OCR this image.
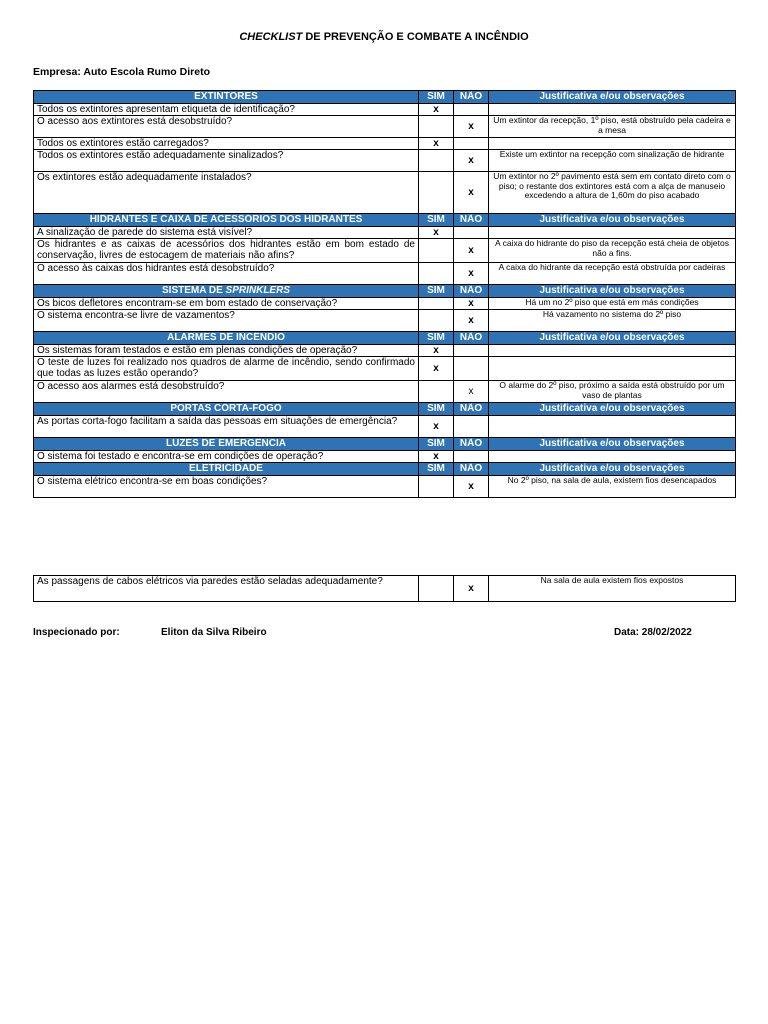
CHECKLIST DE PREVENÇÃO E COMBATE A INCÊNDIO
Empresa: Auto Escola Rumo Direto
EXTINTORES	SIM	NÃO	Justificativa e/ou observações
Todos os extintores apresentam etiqueta de identificação?	x		
O acesso aos extintores está desobstruído?		x	Um extintor da recepção, 1º piso, está obstruído pela cadeira e a mesa
Todos os extintores estão carregados?	x		
Todos os extintores estão adequadamente sinalizados?		x	Existe um extintor na recepção com sinalização de hidrante
Os extintores estão adequadamente instalados?		x	Um extintor no 2º pavimento está sem em contato direto com o piso; o restante dos extintores está com a alça de manuseio excedendo a altura de 1,60m do piso acabado
HIDRANTES E CAIXA DE ACESSÓRIOS DOS HIDRANTES	SIM	NÃO	Justificativa e/ou observações
A sinalização de parede do sistema está visível?	x		
Os hidrantes e as caixas de acessórios dos hidrantes estão em bom estado de conservação, livres de estocagem de materiais não afins?		x	A caixa do hidrante do piso da recepção está cheia de objetos não a fins.
O acesso às caixas dos hidrantes está desobstruído?		x	A caixa do hidrante da recepção está obstruída por cadeiras
SISTEMA DE SPRINKLERS	SIM	NÃO	Justificativa e/ou observações
Os bicos defletores encontram-se em bom estado de conservação?		x	Há um no 2º piso que está em más condições
O sistema encontra-se livre de vazamentos?		x	Há vazamento no sistema do 2º piso
ALARMES DE INCÊNDIO	SIM	NÃO	Justificativa e/ou observações
Os sistemas foram testados e estão em plenas condições de operação?	x		
O teste de luzes foi realizado nos quadros de alarme de incêndio, sendo confirmado que todas as luzes estão operando?	x		
O acesso aos alarmes está desobstruído?		x	O alarme do 2º piso, próximo a saída está obstruído por um vaso de plantas
PORTAS CORTA-FOGO	SIM	NÃO	Justificativa e/ou observações
As portas corta-fogo facilitam a saída das pessoas em situações de emergência?	x		
LUZES DE EMERGÊNCIA	SIM	NÃO	Justificativa e/ou observações
O sistema foi testado e encontra-se em condições de operação?	x		
ELETRICIDADE	SIM	NÃO	Justificativa e/ou observações
O sistema elétrico encontra-se em boas condições?		x	No 2º piso, na sala de aula, existem fios desencapados
As passagens de cabos elétricos via paredes estão seladas adequadamente?		x	Na sala de aula existem fios expostos
Inspecionado por:	Eliton da Silva Ribeiro	Data: 28/02/2022
